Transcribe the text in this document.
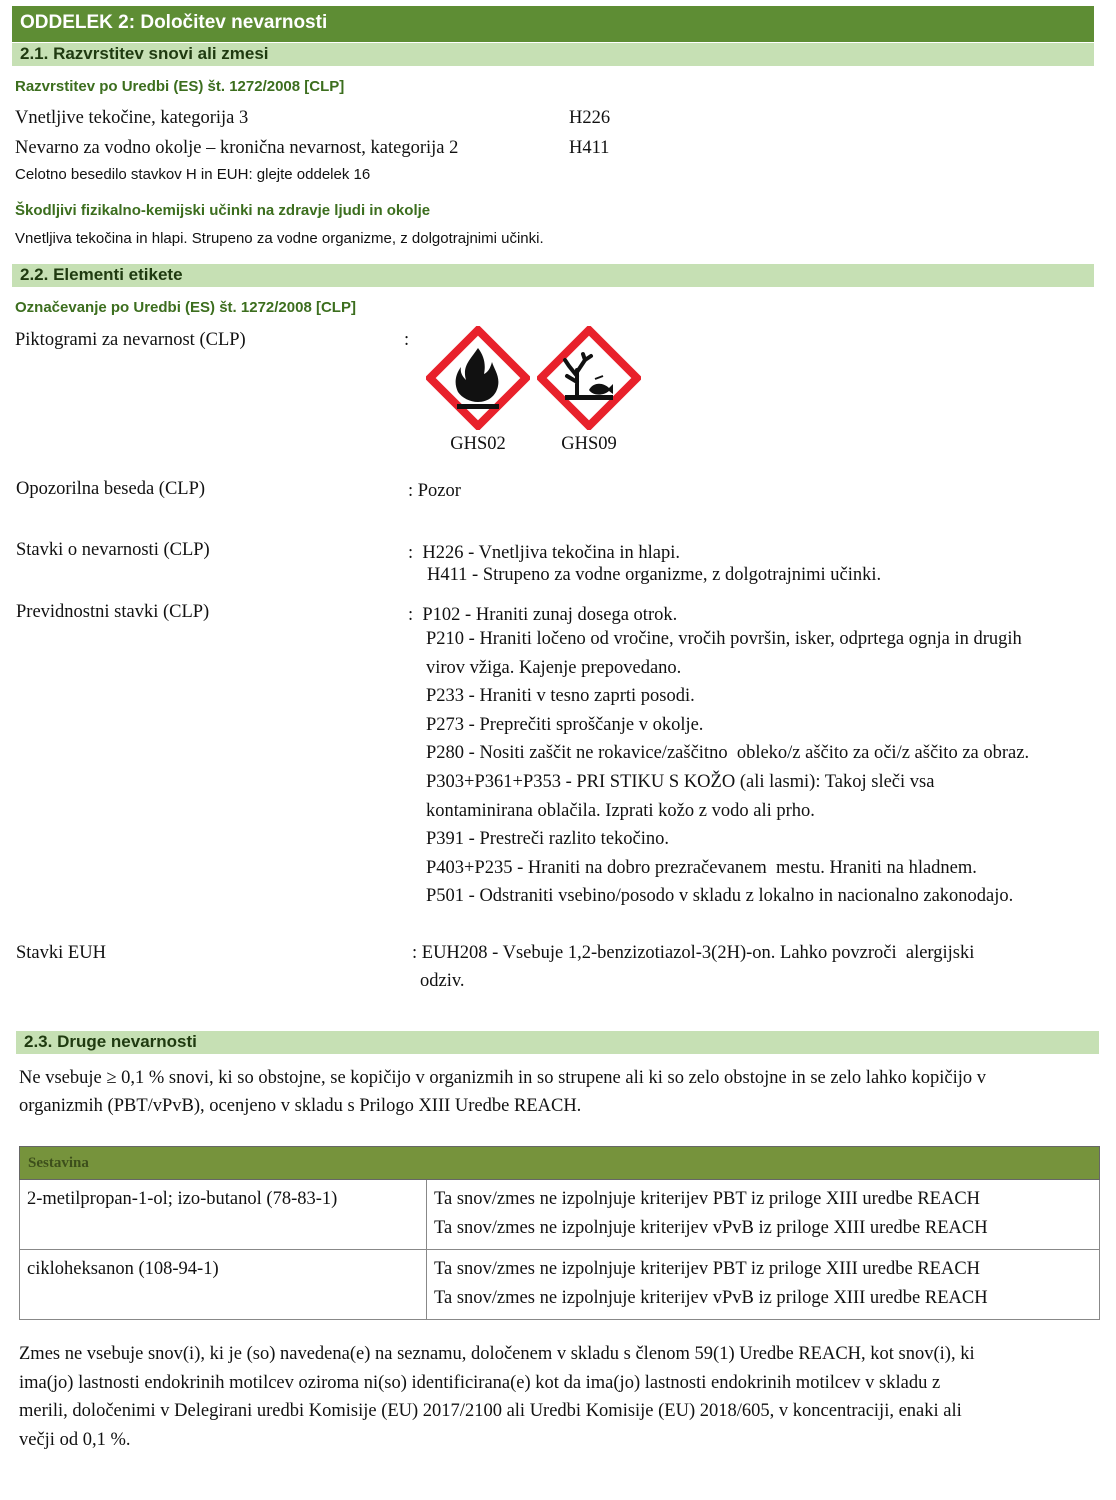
ODDELEK 2: Določitev nevarnosti
2.1. Razvrstitev snovi ali zmesi
Razvrstitev po Uredbi (ES) št. 1272/2008 [CLP]
Vnetljive tekočine, kategorija 3	H226
Nevarno za vodno okolje – kronična nevarnost, kategorija 2	H411
Celotno besedilo stavkov H in EUH: glejte oddelek 16
Škodljivi fizikalno-kemijski učinki na zdravje ljudi in okolje
Vnetljiva tekočina in hlapi. Strupeno za vodne organizme, z dolgotrajnimi učinki.
2.2. Elementi etikete
Označevanje po Uredbi (ES) št. 1272/2008 [CLP]
Piktogrami za nevarnost (CLP)	:
GHS02	GHS09
Opozorilna beseda (CLP)	: Pozor
Stavki o nevarnosti (CLP)	:  H226 - Vnetljiva tekočina in hlapi.
H411 - Strupeno za vodne organizme, z dolgotrajnimi učinki.
Previdnostni stavki (CLP)	:  P102 - Hraniti zunaj dosega otrok.
P210 - Hraniti ločeno od vročine, vročih površin, isker, odprtega ognja in drugih
virov vžiga. Kajenje prepovedano.
P233 - Hraniti v tesno zaprti posodi.
P273 - Preprečiti sproščanje v okolje.
P280 - Nositi zaščit ne rokavice/zaščitno  obleko/z aščito za oči/z aščito za obraz.
P303+P361+P353 - PRI STIKU S KOŽO (ali lasmi): Takoj sleči vsa
kontaminirana oblačila. Izprati kožo z vodo ali prho.
P391 - Prestreči razlito tekočino.
P403+P235 - Hraniti na dobro prezračevanem  mestu. Hraniti na hladnem.
P501 - Odstraniti vsebino/posodo v skladu z lokalno in nacionalno zakonodajo.
Stavki EUH	: EUH208 - Vsebuje 1,2-benzizotiazol-3(2H)-on. Lahko povzroči  alergijski
odziv.
2.3. Druge nevarnosti
Ne vsebuje ≥ 0,1 % snovi, ki so obstojne, se kopičijo v organizmih in so strupene ali ki so zelo obstojne in se zelo lahko kopičijo v
organizmih (PBT/vPvB), ocenjeno v skladu s Prilogo XIII Uredbe REACH.
Sestavina	
2-metilpropan-1-ol; izo-butanol (78-83-1)	Ta snov/zmes ne izpolnjuje kriterijev PBT iz priloge XIII uredbe REACH
Ta snov/zmes ne izpolnjuje kriterijev vPvB iz priloge XIII uredbe REACH

cikloheksanon (108-94-1)	Ta snov/zmes ne izpolnjuje kriterijev PBT iz priloge XIII uredbe REACH
Ta snov/zmes ne izpolnjuje kriterijev vPvB iz priloge XIII uredbe REACH
Zmes ne vsebuje snov(i), ki je (so) navedena(e) na seznamu, določenem v skladu s členom 59(1) Uredbe REACH, kot snov(i), ki
ima(jo) lastnosti endokrinih motilcev oziroma ni(so) identificirana(e) kot da ima(jo) lastnosti endokrinih motilcev v skladu z
merili, določenimi v Delegirani uredbi Komisije (EU) 2017/2100 ali Uredbi Komisije (EU) 2018/605, v koncentraciji, enaki ali
večji od 0,1 %.
